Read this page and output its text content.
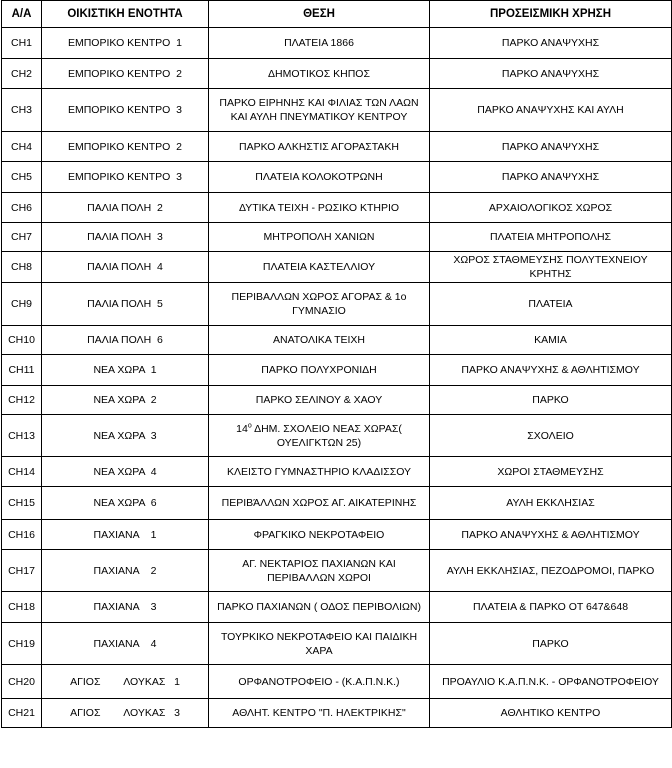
Α/Α	ΟΙΚΙΣΤΙΚΗ ΕΝΟΤΗΤΑ	ΘΕΣΗ	ΠΡΟΣΕΙΣΜΙΚΗ ΧΡΗΣΗ
CH1	ΕΜΠΟΡΙΚΟ ΚΕΝΤΡΟ  1	ΠΛΑΤΕΙΑ 1866	ΠΑΡΚΟ ΑΝΑΨΥΧΗΣ
CH2	ΕΜΠΟΡΙΚΟ ΚΕΝΤΡΟ  2	ΔΗΜΟΤΙΚΟΣ ΚΗΠΟΣ	ΠΑΡΚΟ ΑΝΑΨΥΧΗΣ
CH3	ΕΜΠΟΡΙΚΟ ΚΕΝΤΡΟ  3	ΠΑΡΚΟ ΕΙΡΗΝΗΣ ΚΑΙ ΦΙΛΙΑΣ ΤΩΝ ΛΑΩΝ ΚΑΙ ΑΥΛΗ ΠΝΕΥΜΑΤΙΚΟΥ ΚΕΝΤΡΟΥ	ΠΑΡΚΟ ΑΝΑΨΥΧΗΣ ΚΑΙ ΑΥΛΗ
CH4	ΕΜΠΟΡΙΚΟ ΚΕΝΤΡΟ  2	ΠΑΡΚΟ ΑΛΚΗΣΤΙΣ ΑΓΟΡΑΣΤΑΚΗ	ΠΑΡΚΟ ΑΝΑΨΥΧΗΣ
CH5	ΕΜΠΟΡΙΚΟ ΚΕΝΤΡΟ  3	ΠΛΑΤΕΙΑ ΚΟΛΟΚΟΤΡΩΝΗ	ΠΑΡΚΟ ΑΝΑΨΥΧΗΣ
CH6	ΠΑΛΙΑ ΠΟΛΗ  2	ΔΥΤΙΚΑ ΤΕΙΧΗ - ΡΩΣΙΚΟ ΚΤΗΡΙΟ	ΑΡΧΑΙΟΛΟΓΙΚΟΣ ΧΩΡΟΣ
CH7	ΠΑΛΙΑ ΠΟΛΗ  3	ΜΗΤΡΟΠΟΛΗ ΧΑΝΙΩΝ	ΠΛΑΤΕΙΑ ΜΗΤΡΟΠΟΛΗΣ
CH8	ΠΑΛΙΑ ΠΟΛΗ  4	ΠΛΑΤΕΙΑ ΚΑΣΤΕΛΛΙΟΥ	ΧΩΡΟΣ ΣΤΑΘΜΕΥΣΗΣ ΠΟΛΥΤΕΧΝΕΙΟΥ ΚΡΗΤΗΣ
CH9	ΠΑΛΙΑ ΠΟΛΗ  5	ΠΕΡΙΒΑΛΛΩΝ ΧΩΡΟΣ ΑΓΟΡΑΣ & 1ο ΓΥΜΝΑΣΙΟ	ΠΛΑΤΕΙΑ
CH10	ΠΑΛΙΑ ΠΟΛΗ  6	ΑΝΑΤΟΛΙΚΑ ΤΕΙΧΗ	ΚΑΜΙΑ
CH11	ΝΕΑ ΧΩΡΑ  1	ΠΑΡΚΟ ΠΟΛΥΧΡΟΝΙΔΗ	ΠΑΡΚΟ ΑΝΑΨΥΧΗΣ & ΑΘΛΗΤΙΣΜΟΥ
CH12	ΝΕΑ ΧΩΡΑ  2	ΠΑΡΚΟ ΣΕΛΙΝΟΥ & ΧΑΟΥ	ΠΑΡΚΟ
CH13	ΝΕΑ ΧΩΡΑ  3	$14^o$ ΔΗΜ. ΣΧΟΛΕΙΟ ΝΕΑΣ ΧΩΡΑΣ( ΟΥΕΛΙΓΚΤΩΝ 25)	ΣΧΟΛΕΙΟ
CH14	ΝΕΑ ΧΩΡΑ  4	ΚΛΕΙΣΤΟ ΓΥΜΝΑΣΤΗΡΙΟ ΚΛΑΔΙΣΣΟΥ	ΧΩΡΟΙ ΣΤΑΘΜΕΥΣΗΣ
CH15	ΝΕΑ ΧΩΡΑ  6	ΠΕΡΙΒΆΛΛΩΝ ΧΩΡΟΣ ΑΓ. ΑΙΚΑΤΕΡΙΝΗΣ	ΑΥΛΗ ΕΚΚΛΗΣΙΑΣ
CH16	ΠΑΧΙΑΝΑ    1	ΦΡΑΓΚΙΚΟ ΝΕΚΡΟΤΑΦΕΙΟ	ΠΑΡΚΟ ΑΝΑΨΥΧΗΣ & ΑΘΛΗΤΙΣΜΟΥ
CH17	ΠΑΧΙΑΝΑ    2	ΑΓ. ΝΕΚΤΑΡΙΟΣ ΠΑΧΙΑΝΩΝ ΚΑΙ ΠΕΡΙΒΑΛΛΩΝ ΧΩΡΟΙ	ΑΥΛΗ ΕΚΚΛΗΣΙΑΣ, ΠΕΖΟΔΡΟΜΟΙ, ΠΑΡΚΟ
CH18	ΠΑΧΙΑΝΑ    3	ΠΑΡΚΟ ΠΑΧΙΑΝΩΝ ( ΟΔΟΣ ΠΕΡΙΒΟΛΙΩΝ)	ΠΛΑΤΕΙΑ & ΠΑΡΚΟ ΟΤ 647&648
CH19	ΠΑΧΙΑΝΑ    4	ΤΟΥΡΚΙΚΟ ΝΕΚΡΟΤΑΦΕΙΟ ΚΑΙ ΠΑΙΔΙΚΗ ΧΑΡΑ	ΠΑΡΚΟ
CH20	ΑΓΙΟΣ        ΛΟΥΚΑΣ   1	ΟΡΦΑΝΟΤΡΟΦΕΙΟ - (Κ.Α.Π.Ν.Κ.)	ΠΡΟΑΥΛΙΟ Κ.Α.Π.Ν.Κ. - ΟΡΦΑΝΟΤΡΟΦΕΙΟΥ
CH21	ΑΓΙΟΣ        ΛΟΥΚΑΣ   3	ΑΘΛΗΤ. ΚΕΝΤΡΟ "Π. ΗΛΕΚΤΡΙΚΗΣ"	ΑΘΛΗΤΙΚΟ ΚΕΝΤΡΟ
